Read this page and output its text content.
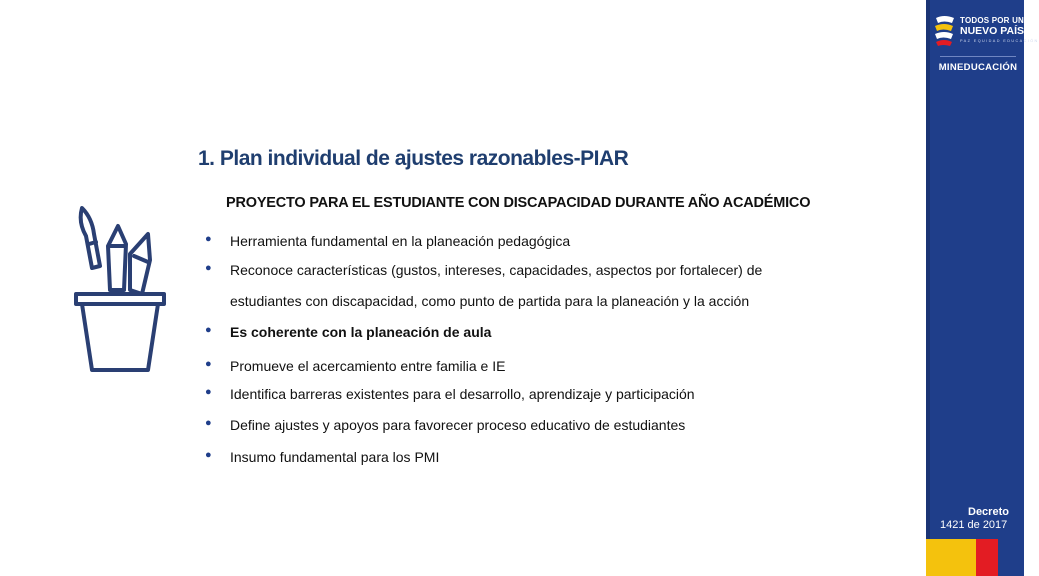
TODOS POR UN
NUEVO PAÍS
PAZ EQUIDAD EDUCACIÓN
MINEDUCACIÓN
Decreto
1421 de 2017
1. Plan individual de ajustes razonables-PIAR
PROYECTO PARA EL ESTUDIANTE CON DISCAPACIDAD DURANTE AÑO ACADÉMICO
● Herramienta fundamental en la planeación pedagógica
● Reconoce características (gustos, intereses, capacidades, aspectos por fortalecer) de
estudiantes con discapacidad, como punto de partida para la planeación y la acción
● Es coherente con la planeación de aula
● Promueve el acercamiento entre familia e IE
● Identifica barreras existentes para el desarrollo, aprendizaje y participación
● Define ajustes y apoyos para favorecer proceso educativo de estudiantes
● Insumo fundamental para los PMI
